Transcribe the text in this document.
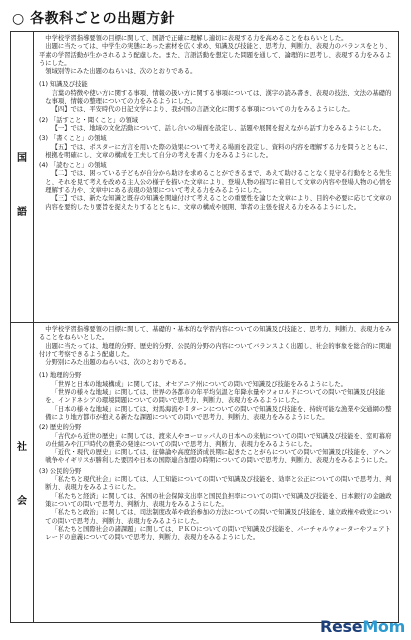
○ 各教科ごとの出題方針
国
語

中学校学習指導要領の目標に関して、国語で正確に理解し適切に表現する力を高めることをねらいとした。

出題に当たっては、中学生の実態にあった素材を広く求め、知識及び技能と、思考力、判断力、表現力のバランスをとり、平素の学習活動が生かされるよう配慮した。また、言語活動を想定した問題を通して、論理的に思考し、表現する力をみるようにした。

領域別等にみた出題のねらいは、次のとおりである。

(1) 知識及び技能

言葉の特徴や使い方に関する事項、情報の扱い方に関する事項については、漢字の読み書き、表現の技法、文法の基礎的な事項、情報の整理についての力をみるようにした。

【四】では、平安時代の日記文学により、我が国の言語文化に関する事項についての力をみるようにした。

(2) 「話すこと・聞くこと」の領域

【一】では、地域の文化活動について、話し合いの場面を設定し、話題や展開を捉えながら話す力をみるようにした。

(3) 「書くこと」の領域

【五】では、ポスターに方言を用いた際の効果について考える場面を設定し、資料の内容を理解する力を問うとともに、根拠を明確にし、文章の構成を工夫して自分の考えを書く力をみるようにした。

(4) 「読むこと」の領域

【二】では、困っている子どもが自分から助けを求めることができるまで、あえて助けることなく見守る行動をとる先生と、それを見て考えを改める主人公の様子を描いた文章により、登場人物の描写に着目して文章の内容や登場人物の心情を理解する力や、文章中にある表現の効果について考える力をみるようにした。

【三】では、新たな知識と既存の知識を関連付けて考えることの重要性を論じた文章により、目的や必要に応じて文章の内容を要約したり要旨を捉えたりするとともに、文章の構成や展開、筆者の主張を捉える力をみるようにした。

社
会

中学校学習指導要領の目標に関して、基礎的・基本的な学習内容についての知識及び技能と、思考力、判断力、表現力をみることをねらいとした。

出題に当たっては、地理的分野、歴史的分野、公民的分野の内容についてバランスよく出題し、社会的事象を総合的に関連付けて考察できるよう配慮した。

分野別にみた出題のねらいは、次のとおりである。

(1) 地理的分野

「世界と日本の地域構成」に関しては、オセアニア州についての問いで知識及び技能をみるようにした。

「世界の様々な地域」に関しては、世界の各都市の年平均気温と年降水量やフォロルドについての問いで知識及び技能を、インドネシアの環境問題についての問いで思考力、判断力、表現力をみるようにした。

「日本の様々な地域」に関しては、対馬海流やＩターンについての問いで知識及び技能を、持続可能な漁業や交通網の整備により地方都市が抱える新たな課題についての問いで思考力、判断力、表現力をみるようにした。

(2) 歴史的分野

「古代から近世の歴史」に関しては、渡来人やヨーロッパ人の日本への来航についての問いで知識及び技能を、室町幕府の仕組みや江戸時代の農業の発達についての問いで思考力、判断力、表現力をみるようにした。

「近代・現代の歴史」に関しては、征韓論や高度経済成長期に起きたことがらについての問いで知識及び技能を、アヘン戦争やイギリスが勝利した要因や日本の国際連合加盟の時期についての問いで思考力、判断力、表現力をみるようにした。

(3) 公民的分野

「私たちと現代社会」に関しては、人工知能についての問いで知識及び技能を、効率と公正についての問いで思考力、判断力、表現力をみるようにした。

「私たちと経済」に関しては、各国の社会保障支出率と国民負担率についての問いで知識及び技能を、日本銀行の金融政策についての問いで思考力、判断力、表現力をみるようにした。

「私たちと政治」に関しては、司法制度改革や政治参加の方法についての問いで知識及び技能を、連立政権や政党についての問いで思考力、判断力、表現力をみるようにした。

「私たちと国際社会の諸課題」に関しては、ＰＫＯについての問いで知識及び技能を、パーチャルウォーターやフェアトレードの意義についての問いで思考力、判断力、表現力をみるようにした。

Rese Mom
